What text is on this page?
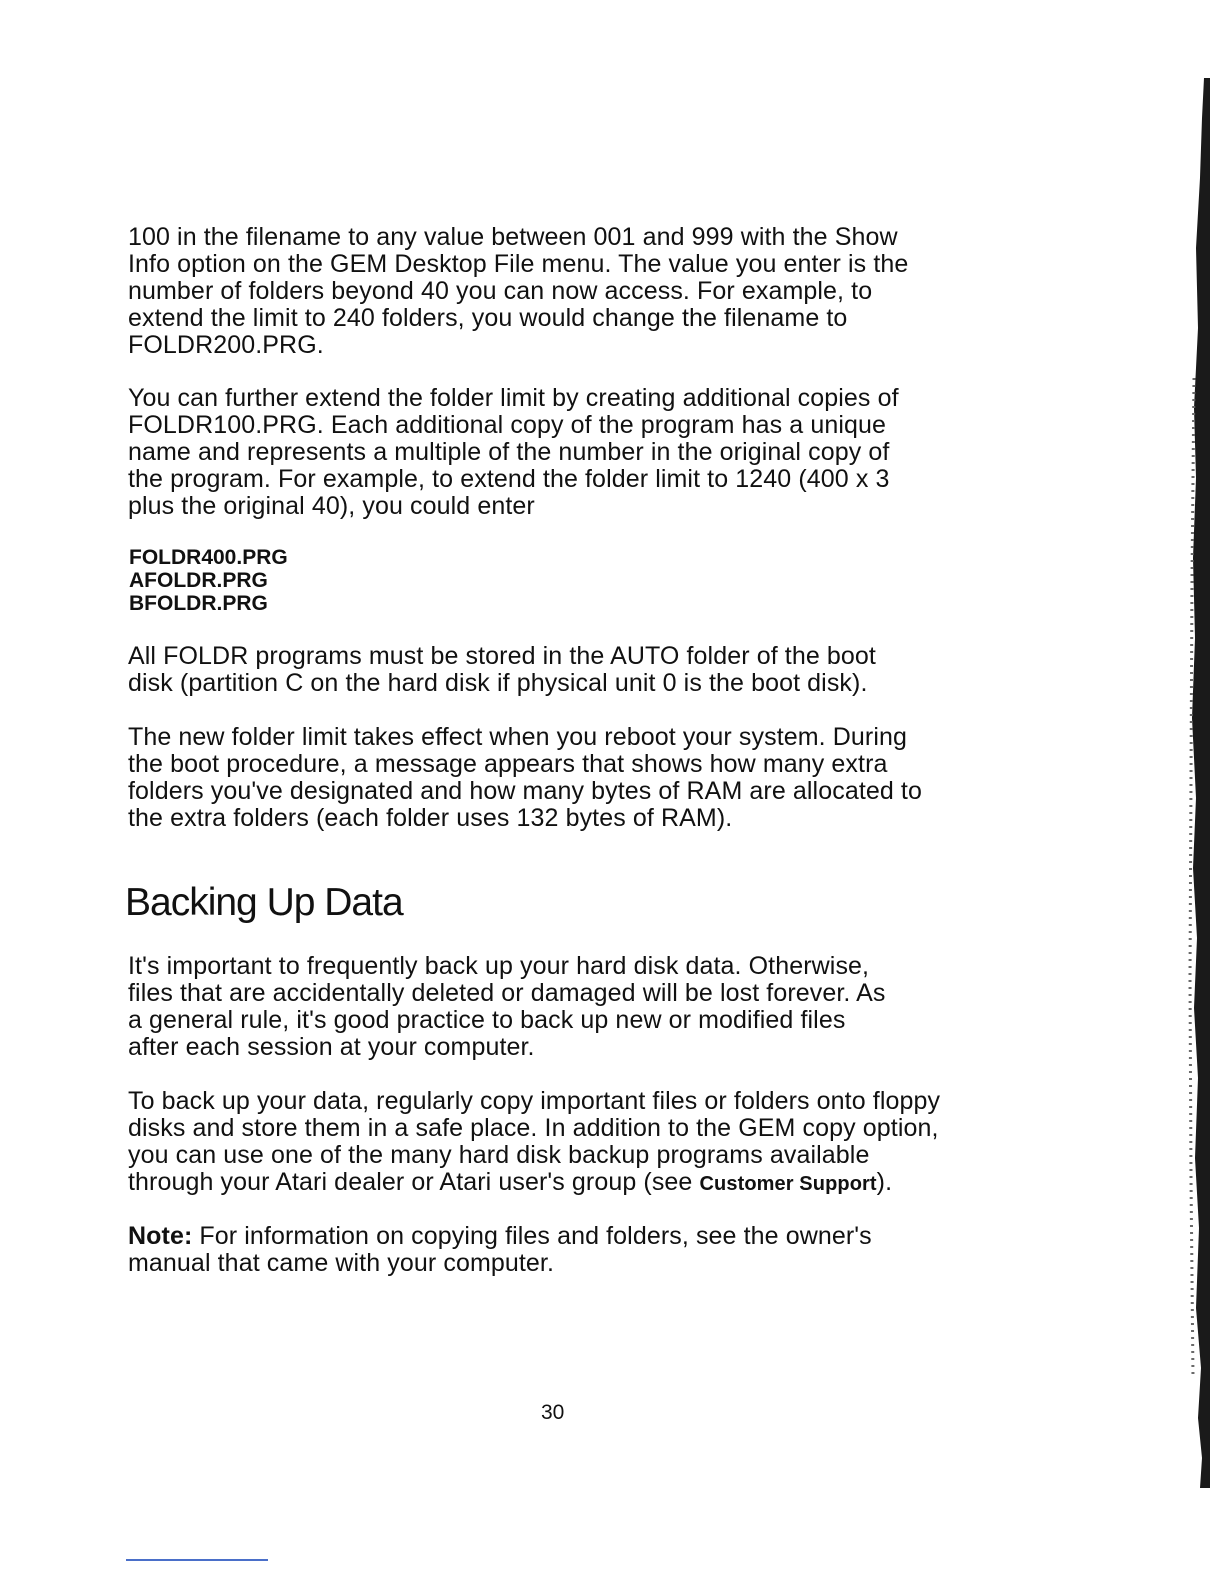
100 in the filename to any value between 001 and 999 with the Show
Info option on the GEM Desktop File menu. The value you enter is the
number of folders beyond 40 you can now access. For example, to
extend the limit to 240 folders, you would change the filename to
FOLDR200.PRG.
You can further extend the folder limit by creating additional copies of
FOLDR100.PRG. Each additional copy of the program has a unique
name and represents a multiple of the number in the original copy of
the program. For example, to extend the folder limit to 1240 (400 x 3
plus the original 40), you could enter
FOLDR400.PRG
AFOLDR.PRG
BFOLDR.PRG
All FOLDR programs must be stored in the AUTO folder of the boot
disk (partition C on the hard disk if physical unit 0 is the boot disk).
The new folder limit takes effect when you reboot your system. During
the boot procedure, a message appears that shows how many extra
folders you've designated and how many bytes of RAM are allocated to
the extra folders (each folder uses 132 bytes of RAM).
Backing Up Data
It's important to frequently back up your hard disk data. Otherwise,
files that are accidentally deleted or damaged will be lost forever. As
a general rule, it's good practice to back up new or modified files
after each session at your computer.
To back up your data, regularly copy important files or folders onto floppy
disks and store them in a safe place. In addition to the GEM copy option,
you can use one of the many hard disk backup programs available
through your Atari dealer or Atari user's group (see Customer Support).
Note: For information on copying files and folders, see the owner's
manual that came with your computer.
30
